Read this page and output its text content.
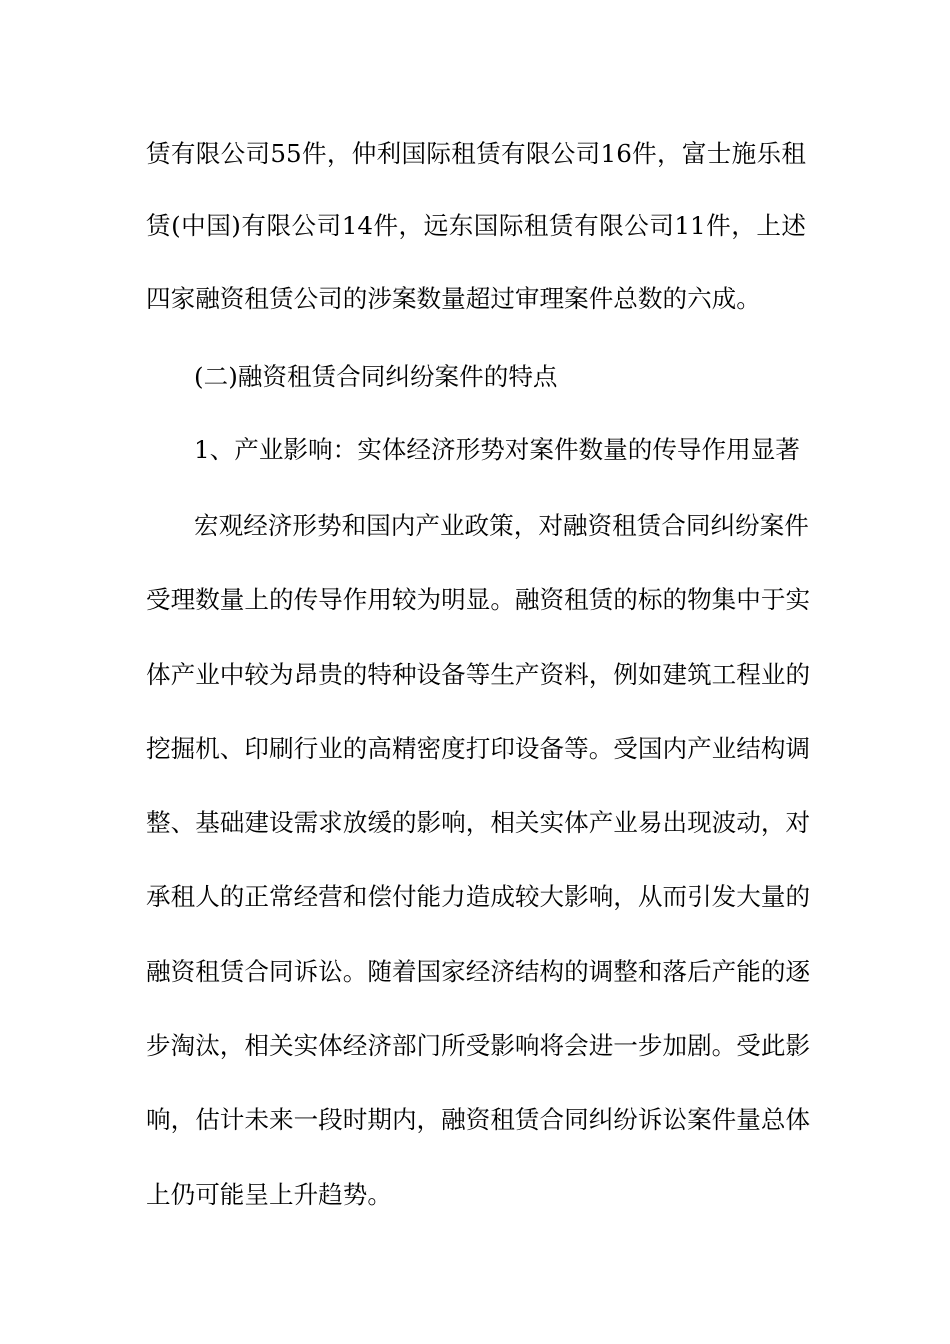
赁有限公司55件，仲利国际租赁有限公司16件，富士施乐租
赁(中国)有限公司14件，远东国际租赁有限公司11件，上述
四家融资租赁公司的涉案数量超过审理案件总数的六成。
(二)融资租赁合同纠纷案件的特点
1、产业影响：实体经济形势对案件数量的传导作用显著
宏观经济形势和国内产业政策，对融资租赁合同纠纷案件
受理数量上的传导作用较为明显。融资租赁的标的物集中于实
体产业中较为昂贵的特种设备等生产资料，例如建筑工程业的
挖掘机、印刷行业的高精密度打印设备等。受国内产业结构调
整、基础建设需求放缓的影响，相关实体产业易出现波动，对
承租人的正常经营和偿付能力造成较大影响，从而引发大量的
融资租赁合同诉讼。随着国家经济结构的调整和落后产能的逐
步淘汰，相关实体经济部门所受影响将会进一步加剧。受此影
响，估计未来一段时期内，融资租赁合同纠纷诉讼案件量总体
上仍可能呈上升趋势。
